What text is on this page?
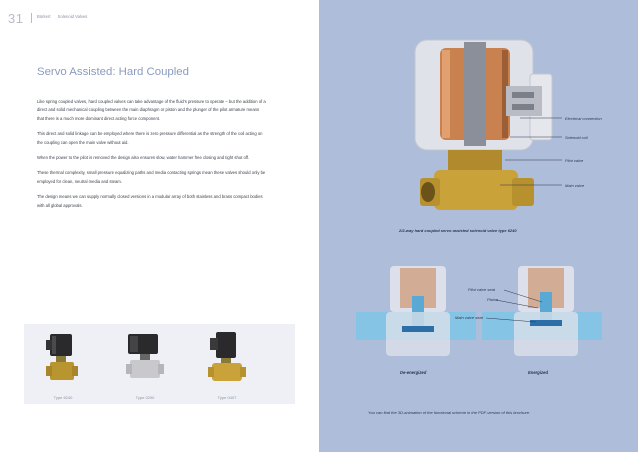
31	Bürkert Solenoid Valves
Servo Assisted: Hard Coupled

Like spring coupled valves, hard coupled valves can take advantage of the fluid's pressure to operate – but the addition of a direct and solid mechanical coupling between the main diaphragm or piston and the plunger of the pilot armature means that there is a much more dominant direct acting force component.

This direct and solid linkage can be employed where there is zero pressure differential as the strength of the coil acting on the coupling can open the main valve without aid.

When the power to the pilot is removed the design also ensures slow, water hammer free closing and tight shut off.

These thermal complexity, small pressure equalizing paths and media contacting springs mean these valves should only be employed for clean, neutral media and steam.

The design means we can supply normally closed versions in a modular array of both stainless and brass compact bodies with all global approvals.

Type 6240	Type 0290	Type 0407
Electrical connection
Solenoid coil
Pilot valve
Main valve
2/2-way hard coupled servo assisted solenoid valve type 6240
Pilot valve seat
Piston
Main valve seat
De-energized	Energized
You can find the 3D-animation of the functional scheme in the PDF-version of this brochure.
